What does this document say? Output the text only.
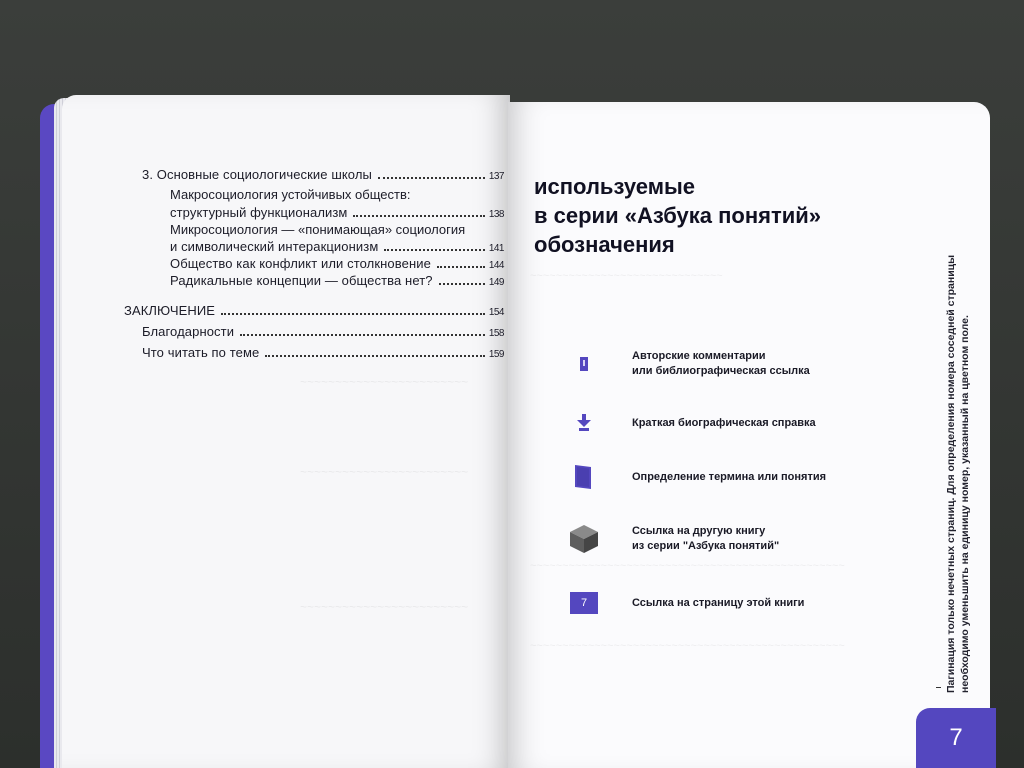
~~~~~~~~~~~~~~~~~~~~~~~~
~~~~~~~~~~~~~~~~~~~~~~~~
~~~~~~~~~~~~~~~~~~~~~~~~
3. Основные социологические школы	137
Макросоциология устойчивых обществ:
структурный функционализм	138
Микросоциология — «понимающая» социология
и символический интеракционизм	141
Общество как конфликт или столкновение	144
Радикальные концепции — общества нет?	149
ЗАКЛЮЧЕНИЕ	154
Благодарности	158
Что читать по теме	159
~~~~~~~~~~~~~~~~~~~~~~~~~~~~~~
~~~~~~~~~~~~~~~~~~~~~~~~~~~~~~~~~~~~~~~~~~~~~~~~~
~~~~~~~~~~~~~~~~~~~~~~~~~~~~~~~~~~~~~~~~~~~~~~~~~
используемые
в серии «Азбука понятий»
обозначения
Авторские комментарии
или библиографическая ссылка
Краткая биографическая справка
Определение термина или понятия
Ссылка на другую книгу
из серии "Азбука понятий"
7	Ссылка на страницу этой книги	Пагинация только нечетных страниц. Для определения номера соседней страницы необходимо уменьшить на единицу номер, указанный на цветном поле.
7
